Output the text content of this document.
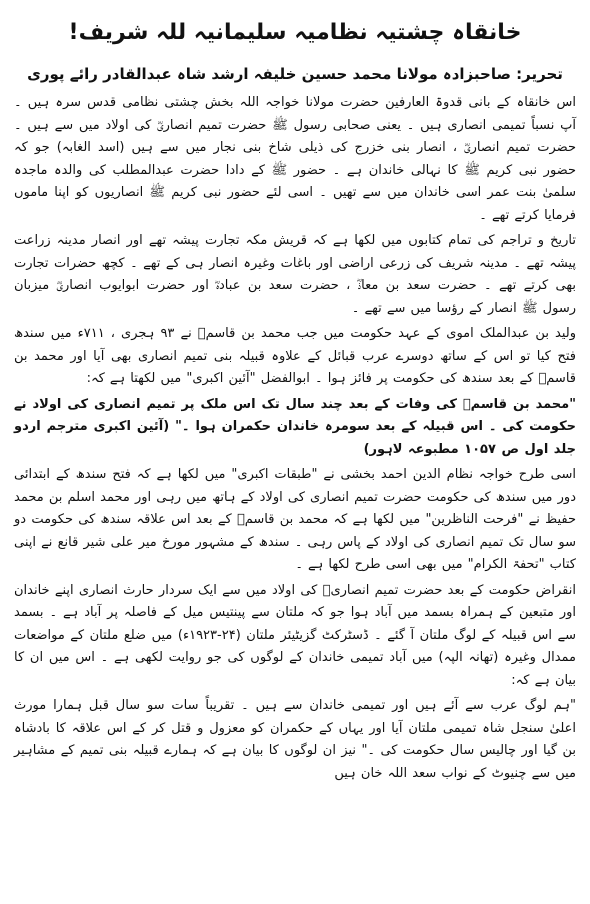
خانقاہ چشتیہ نظامیہ سلیمانیہ للہ شریف!

تحریر: صاحبزادہ مولانا محمد حسین خلیفہ ارشد شاہ عبدالقادر رائے پوری

اس خانقاہ کے بانی قدوۃ العارفین حضرت مولانا خواجہ اللہ بخش چشتی نظامی قدس سرہ ہیں ۔ آپ نسباً تمیمی انصاری ہیں ۔ یعنی صحابی رسول ﷺ حضرت تمیم انصاریؓ کی اولاد میں سے ہیں ۔ حضرت تمیم انصاریؓ ، انصار بنی خزرج کی ذیلی شاخ بنی نجار میں سے ہیں (اسد الغابہ) جو کہ حضور نبی کریم ﷺ کا نہالی خاندان ہے ۔ حضور ﷺ کے دادا حضرت عبدالمطلب کی والدہ ماجدہ سلمیٰ بنت عمر اسی خاندان میں سے تھیں ۔ اسی لئے حضور نبی کریم ﷺ انصاریوں کو اپنا ماموں فرمایا کرتے تھے ۔

تاریخ و تراجم کی تمام کتابوں میں لکھا ہے کہ قریش مکہ تجارت پیشہ تھے اور انصار مدینہ زراعت پیشہ تھے ۔ مدینہ شریف کی زرعی اراضی اور باغات وغیرہ انصار ہی کے تھے ۔ کچھ حضرات تجارت بھی کرتے تھے ۔ حضرت سعد بن معاذؓ ، حضرت سعد بن عبادہؓ اور حضرت ابوایوب انصاریؓ میزبان رسول ﷺ انصار کے رؤسا میں سے تھے ۔

ولید بن عبدالملک اموی کے عہد حکومت میں جب محمد بن قاسمؒ نے ۹۳ ہجری ، ۷۱۱ء میں سندھ فتح کیا تو اس کے ساتھ دوسرے عرب قبائل کے علاوہ قبیلہ بنی تمیم انصاری بھی آیا اور محمد بن قاسمؒ کے بعد سندھ کی حکومت پر فائز ہوا ۔ ابوالفضل "آئین اکبری" میں لکھتا ہے کہ:

"محمد بن قاسمؒ کی وفات کے بعد چند سال تک اس ملک پر تمیم انصاری کی اولاد نے حکومت کی ۔ اس قبیلہ کے بعد سومرہ خاندان حکمران ہوا ۔" (آئین اکبری مترجم اردو جلد اول ص ۱۰۵۷ مطبوعہ لاہور)

اسی طرح خواجہ نظام الدین احمد بخشی نے "طبقات اکبری" میں لکھا ہے کہ فتح سندھ کے ابتدائی دور میں سندھ کی حکومت حضرت تمیم انصاری کی اولاد کے ہاتھ میں رہی اور محمد اسلم بن محمد حفیظ نے "فرحت الناظرین" میں لکھا ہے کہ محمد بن قاسمؒ کے بعد اس علاقہ سندھ کی حکومت دو سو سال تک تمیم انصاری کی اولاد کے پاس رہی ۔ سندھ کے مشہور مورخ میر علی شیر قانع نے اپنی کتاب "تحفۃ الکرام" میں بھی اسی طرح لکھا ہے ۔

انقراض حکومت کے بعد حضرت تمیم انصاریؓ کی اولاد میں سے ایک سردار حارث انصاری اپنے خاندان اور متبعین کے ہمراہ بسمد میں آباد ہوا جو کہ ملتان سے پینتیس میل کے فاصلہ پر آباد ہے ۔ بسمد سے اس قبیلہ کے لوگ ملتان آ گئے ۔ ڈسٹرکٹ گزیٹیئر ملتان (۲۴-۱۹۲۳ء) میں ضلع ملتان کے مواضعات ممدال وغیرہ (تھانہ الپہ) میں آباد تمیمی خاندان کے لوگوں کی جو روایت لکھی ہے ۔ اس میں ان کا بیان ہے کہ:

"ہم لوگ عرب سے آئے ہیں اور تمیمی خاندان سے ہیں ۔ تقریباً سات سو سال قبل ہمارا مورث اعلیٰ سنجل شاہ تمیمی ملتان آیا اور یہاں کے حکمران کو معزول و قتل کر کے اس علاقہ کا بادشاہ بن گیا اور چالیس سال حکومت کی ۔" نیز ان لوگوں کا بیان ہے کہ ہمارے قبیلہ بنی تمیم کے مشاہیر میں سے چنیوٹ کے نواب سعد اللہ خان ہیں
